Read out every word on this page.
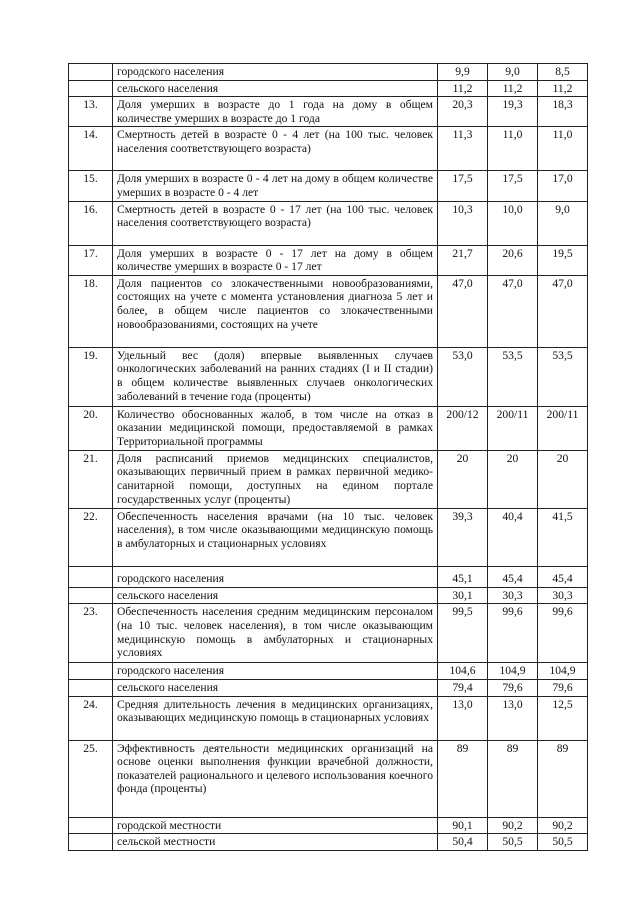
	городского населения	9,9	9,0	8,5
	сельского населения	11,2	11,2	11,2
13.	Доля умерших в возрасте до 1 года на дому в общем количестве умерших в возрасте до 1 года	20,3	19,3	18,3
14.	Смертность детей в возрасте 0 - 4 лет (на 100 тыс. человек населения соответствующего возраста)	11,3	11,0	11,0
15.	Доля умерших в возрасте 0 - 4 лет на дому в общем количестве умерших в возрасте 0 - 4 лет	17,5	17,5	17,0
16.	Смертность детей в возрасте 0 - 17 лет (на 100 тыс. человек населения соответствующего возраста)	10,3	10,0	9,0
17.	Доля умерших в возрасте 0 - 17 лет на дому в общем количестве умерших в возрасте 0 - 17 лет	21,7	20,6	19,5
18.	Доля пациентов со злокачественными новообразованиями, состоящих на учете с момента установления диагноза 5 лет и более, в общем числе пациентов со злокачественными новообразованиями, состоящих на учете	47,0	47,0	47,0
19.	Удельный вес (доля) впервые выявленных случаев онкологических заболеваний на ранних стадиях (I и II стадии) в общем количестве выявленных случаев онкологических заболеваний в течение года (проценты)	53,0	53,5	53,5
20.	Количество обоснованных жалоб, в том числе на отказ в оказании медицинской помощи, предоставляемой в рамках Территориальной программы	200/12	200/11	200/11
21.	Доля расписаний приемов медицинских специалистов, оказывающих первичный прием в рамках первичной медико-санитарной помощи, доступных на едином портале государственных услуг (проценты)	20	20	20
22.	Обеспеченность населения врачами (на 10 тыс. человек населения), в том числе оказывающими медицинскую помощь в амбулаторных и стационарных условиях	39,3	40,4	41,5
	городского населения	45,1	45,4	45,4
	сельского населения	30,1	30,3	30,3
23.	Обеспеченность населения средним медицинским персоналом (на 10 тыс. человек населения), в том числе оказывающим медицинскую помощь в амбулаторных и стационарных условиях	99,5	99,6	99,6
	городского населения	104,6	104,9	104,9
	сельского населения	79,4	79,6	79,6
24.	Средняя длительность лечения в медицинских организациях, оказывающих медицинскую помощь в стационарных условиях	13,0	13,0	12,5
25.	Эффективность деятельности медицинских организаций на основе оценки выполнения функции врачебной должности, показателей рационального и целевого использования коечного фонда (проценты)	89	89	89
	городской местности	90,1	90,2	90,2
	сельской местности	50,4	50,5	50,5
